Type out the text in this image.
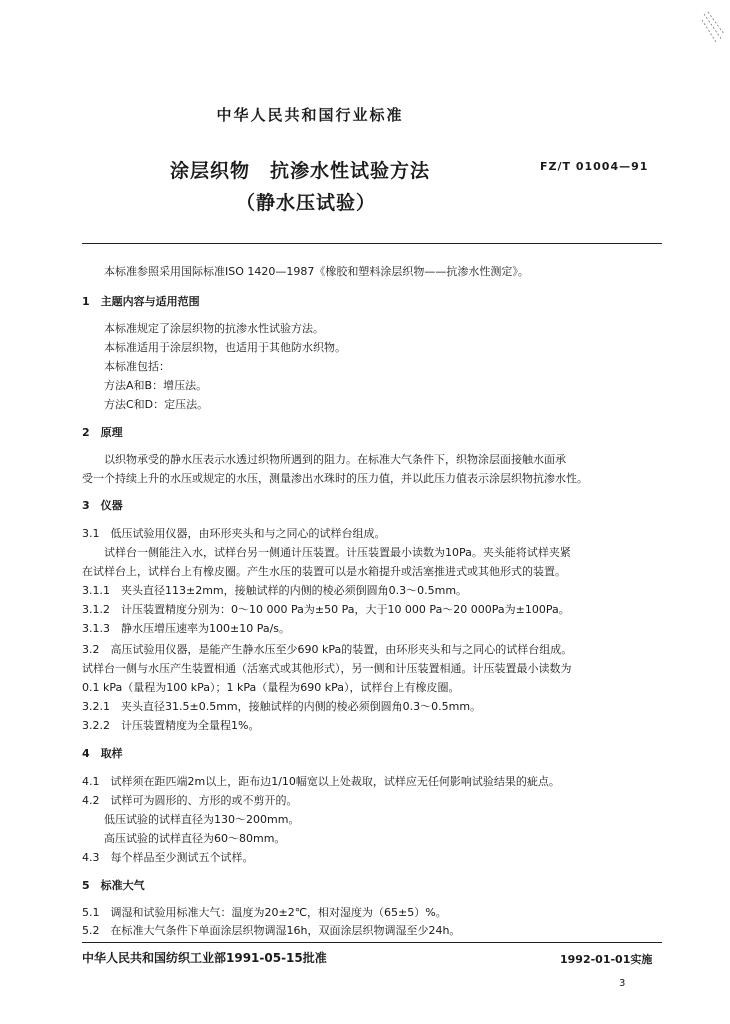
中华人民共和国行业标准
涂层织物　抗渗水性试验方法
（静水压试验）
FZ/T 01004—91
本标准参照采用国际标准ISO 1420—1987《橡胶和塑料涂层织物——抗渗水性测定》。
1　主题内容与适用范围
本标准规定了涂层织物的抗渗水性试验方法。
本标准适用于涂层织物，也适用于其他防水织物。
本标准包括：
方法A和B：增压法。
方法C和D：定压法。
2　原理
以织物承受的静水压表示水透过织物所遇到的阻力。在标准大气条件下，织物涂层面接触水面承
受一个持续上升的水压或规定的水压，测量渗出水珠时的压力值，并以此压力值表示涂层织物抗渗水性。
3　仪器
3.1　低压试验用仪器，由环形夹头和与之同心的试样台组成。
试样台一侧能注入水，试样台另一侧通计压装置。计压装置最小读数为10Pa。夹头能将试样夹紧
在试样台上，试样台上有橡皮圈。产生水压的装置可以是水箱提升或活塞推进式或其他形式的装置。
3.1.1　夹头直径113±2mm，接触试样的内侧的棱必须倒圆角0.3～0.5mm。
3.1.2　计压装置精度分别为：0～10 000 Pa为±50 Pa，大于10 000 Pa～20 000Pa为±100Pa。
3.1.3　静水压增压速率为100±10 Pa/s。
3.2　高压试验用仪器，是能产生静水压至少690 kPa的装置，由环形夹头和与之同心的试样台组成。
试样台一侧与水压产生装置相通（活塞式或其他形式），另一侧和计压装置相通。计压装置最小读数为
0.1 kPa（量程为100 kPa）；1 kPa（量程为690 kPa），试样台上有橡皮圈。
3.2.1　夹头直径31.5±0.5mm，接触试样的内侧的棱必须倒圆角0.3～0.5mm。
3.2.2　计压装置精度为全量程1%。
4　取样
4.1　试样须在距匹端2m以上，距布边1/10幅宽以上处裁取，试样应无任何影响试验结果的疵点。
4.2　试样可为圆形的、方形的或不剪开的。
低压试验的试样直径为130～200mm。
高压试验的试样直径为60～80mm。
4.3　每个样品至少测试五个试样。
5　标准大气
5.1　调湿和试验用标准大气：温度为20±2℃，相对湿度为（65±5）%。
5.2　在标准大气条件下单面涂层织物调湿16h，双面涂层织物调湿至少24h。
中华人民共和国纺织工业部1991-05-15批准	1992-01-01实施
3
